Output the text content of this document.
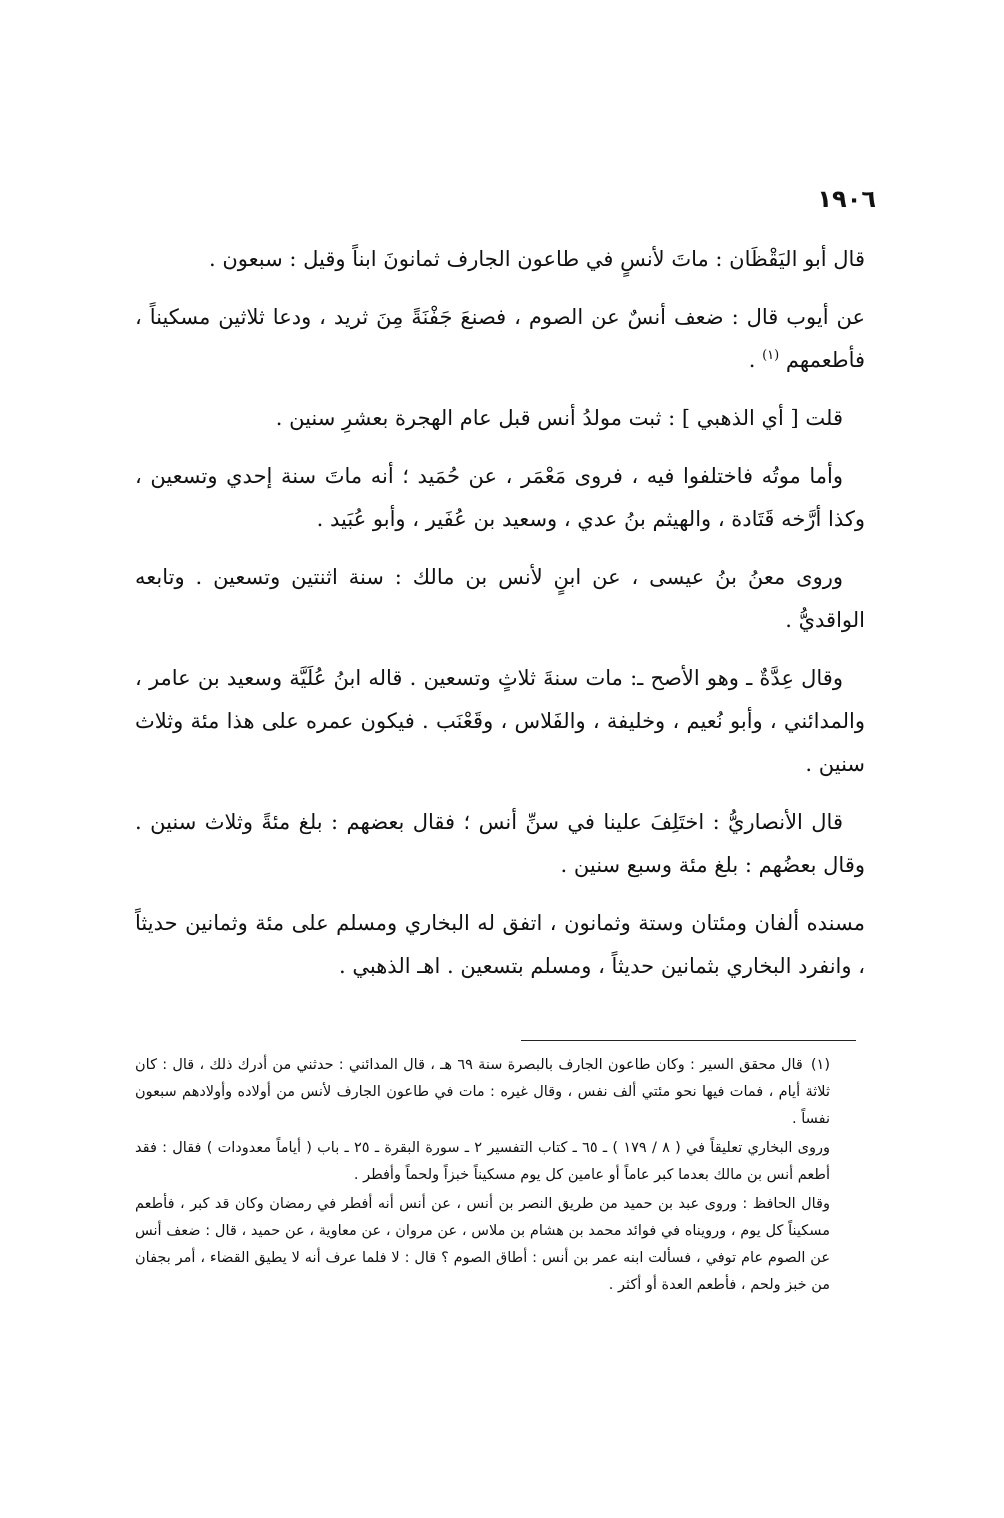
١٩٠٦

قال أبو اليَقْظَان : ماتَ لأنسٍ في طاعون الجارف ثمانونَ ابناً وقيل : سبعون .

عن أيوب قال : ضعف أنسٌ عن الصوم ، فصنعَ جَفْنَةً مِنَ ثريد ، ودعا ثلاثين مسكيناً ، فأطعمهم $^{(١)}$ .

قلت [ أي الذهبي ] : ثبت مولدُ أنس قبل عام الهجرة بعشرِ سنين .

وأما موتُه فاختلفوا فيه ، فروى مَعْمَر ، عن حُمَيد ؛ أنه ماتَ سنة إحدي وتسعين ، وكذا أرَّخه قَتَادة ، والهيثم بنُ عدي ، وسعيد بن عُفَير ، وأبو عُبَيد .

وروى معنُ بنُ عيسى ، عن ابنٍ لأنس بن مالك : سنة اثنتين وتسعين . وتابعه الواقديُّ .

وقال عِدَّةٌ ـ وهو الأصح ـ: مات سنةَ ثلاثٍ وتسعين . قاله ابنُ عُلَيَّة وسعيد بن عامر ، والمدائني ، وأبو نُعيم ، وخليفة ، والفَلاس ، وقَعْنَب . فيكون عمره على هذا مئة وثلاث سنين .

قال الأنصاريُّ : اختَلِفَ علينا في سنِّ أنس ؛ فقال بعضهم : بلغ مئةً وثلاث سنين . وقال بعضُهم : بلغ مئة وسبع سنين .

مسنده ألفان ومئتان وستة وثمانون ، اتفق له البخاري ومسلم على مئة وثمانين حديثاً ، وانفرد البخاري بثمانين حديثاً ، ومسلم بتسعين . اهـ الذهبي .

(١)قال محقق السير : وكان طاعون الجارف بالبصرة سنة ٦٩ هـ ، قال المدائني : حدثني من أدرك ذلك ، قال : كان ثلاثة أيام ، فمات فيها نحو مئتي ألف نفس ، وقال غيره : مات في طاعون الجارف لأنس من أولاده وأولادهم سبعون نفساً .

وروى البخاري تعليقاً في ( ٨ / ١٧٩ ) ـ ٦٥ ـ كتاب التفسير ٢ ـ سورة البقرة ـ ٢٥ ـ باب ( أياماً معدودات ) فقال : فقد أطعم أنس بن مالك بعدما كبر عاماً أو عامين كل يوم مسكيناً خبزاً ولحماً وأفطر .

وقال الحافظ : وروى عبد بن حميد من طريق النصر بن أنس ، عن أنس أنه أفطر في رمضان وكان قد كبر ، فأطعم مسكيناً كل يوم ، ورويناه في فوائد محمد بن هشام بن ملاس ، عن مروان ، عن معاوية ، عن حميد ، قال : ضعف أنس عن الصوم عام توفي ، فسألت ابنه عمر بن أنس : أطاق الصوم ؟ قال : لا فلما عرف أنه لا يطيق القضاء ، أمر بجفان من خبز ولحم ، فأطعم العدة أو أكثر .
